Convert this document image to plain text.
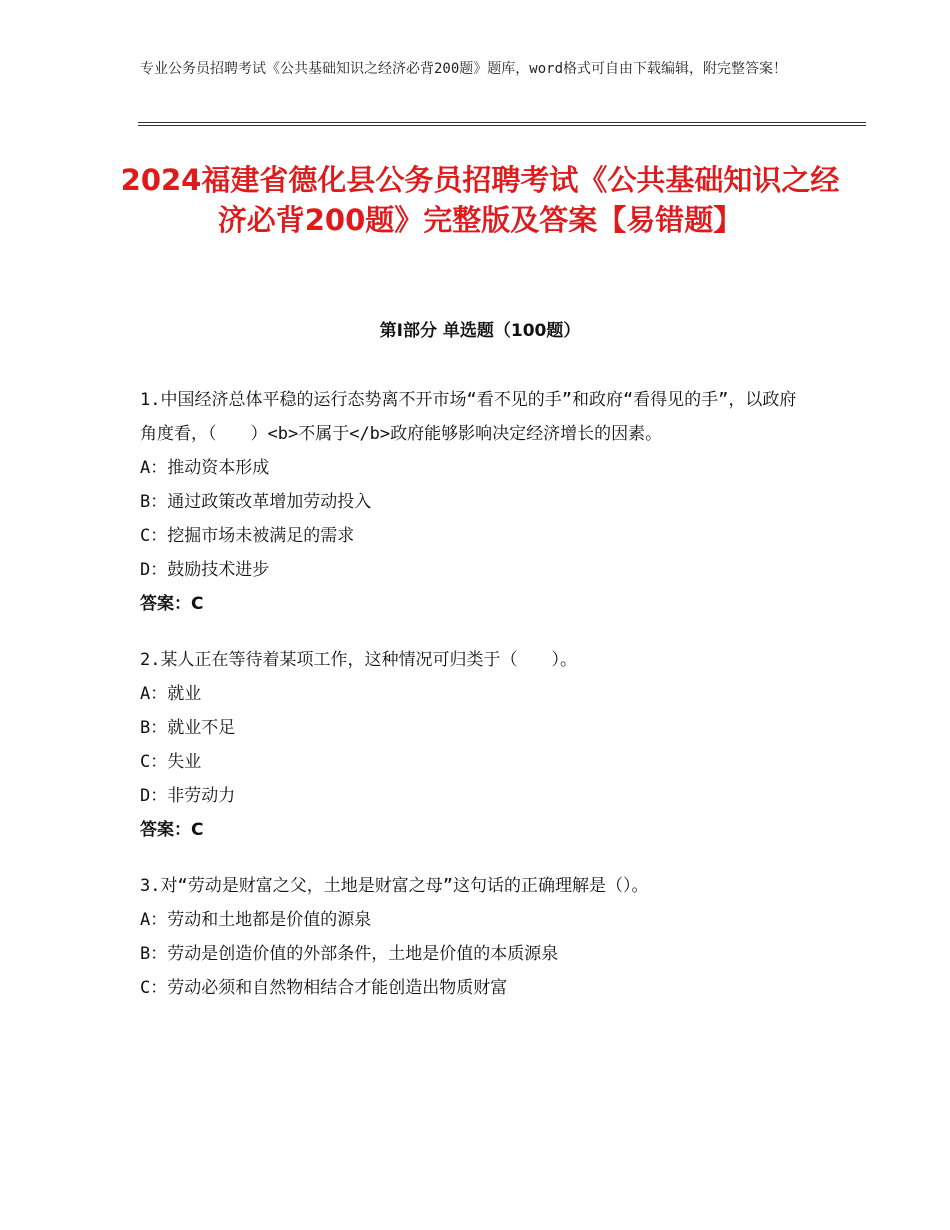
专业公务员招聘考试《公共基础知识之经济必背200题》题库，word格式可自由下载编辑，附完整答案！
2024福建省德化县公务员招聘考试《公共基础知识之经济必背200题》完整版及答案【易错题】
第Ⅰ部分 单选题（100题）
1.中国经济总体平稳的运行态势离不开市场“看不见的手”和政府“看得见的手”，以政府角度看，（　　）<b>不属于</b>政府能够影响决定经济增长的因素。
A：推动资本形成
B：通过政策改革增加劳动投入
C：挖掘市场未被满足的需求
D：鼓励技术进步
答案：C
2.某人正在等待着某项工作，这种情况可归类于（　　）。
A：就业
B：就业不足
C：失业
D：非劳动力
答案：C
3.对“劳动是财富之父，土地是财富之母”这句话的正确理解是（）。
A：劳动和土地都是价值的源泉
B：劳动是创造价值的外部条件，土地是价值的本质源泉
C：劳动必须和自然物相结合才能创造出物质财富
